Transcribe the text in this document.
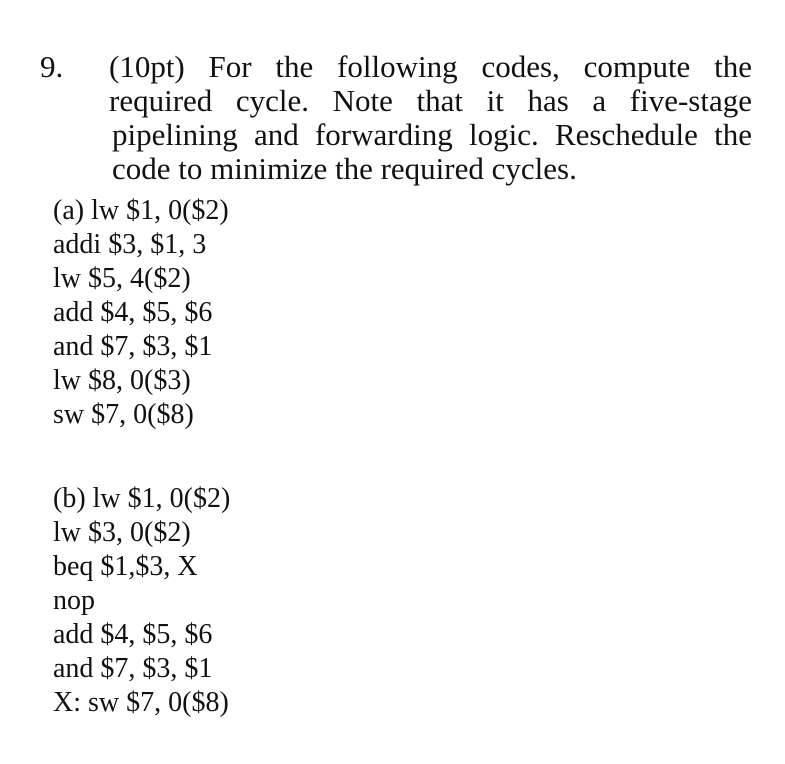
9. (10pt) For the following codes, compute the
required cycle. Note that it has a five-stage
pipelining and forwarding logic. Reschedule the
code to minimize the required cycles.
(a) lw $1, 0($2)
addi $3, $1, 3
lw $5, 4($2)
add $4, $5, $6
and $7, $3, $1
lw $8, 0($3)
sw $7, 0($8)
(b) lw $1, 0($2)
lw $3, 0($2)
beq $1,$3, X
nop
add $4, $5, $6
and $7, $3, $1
X: sw $7, 0($8)
